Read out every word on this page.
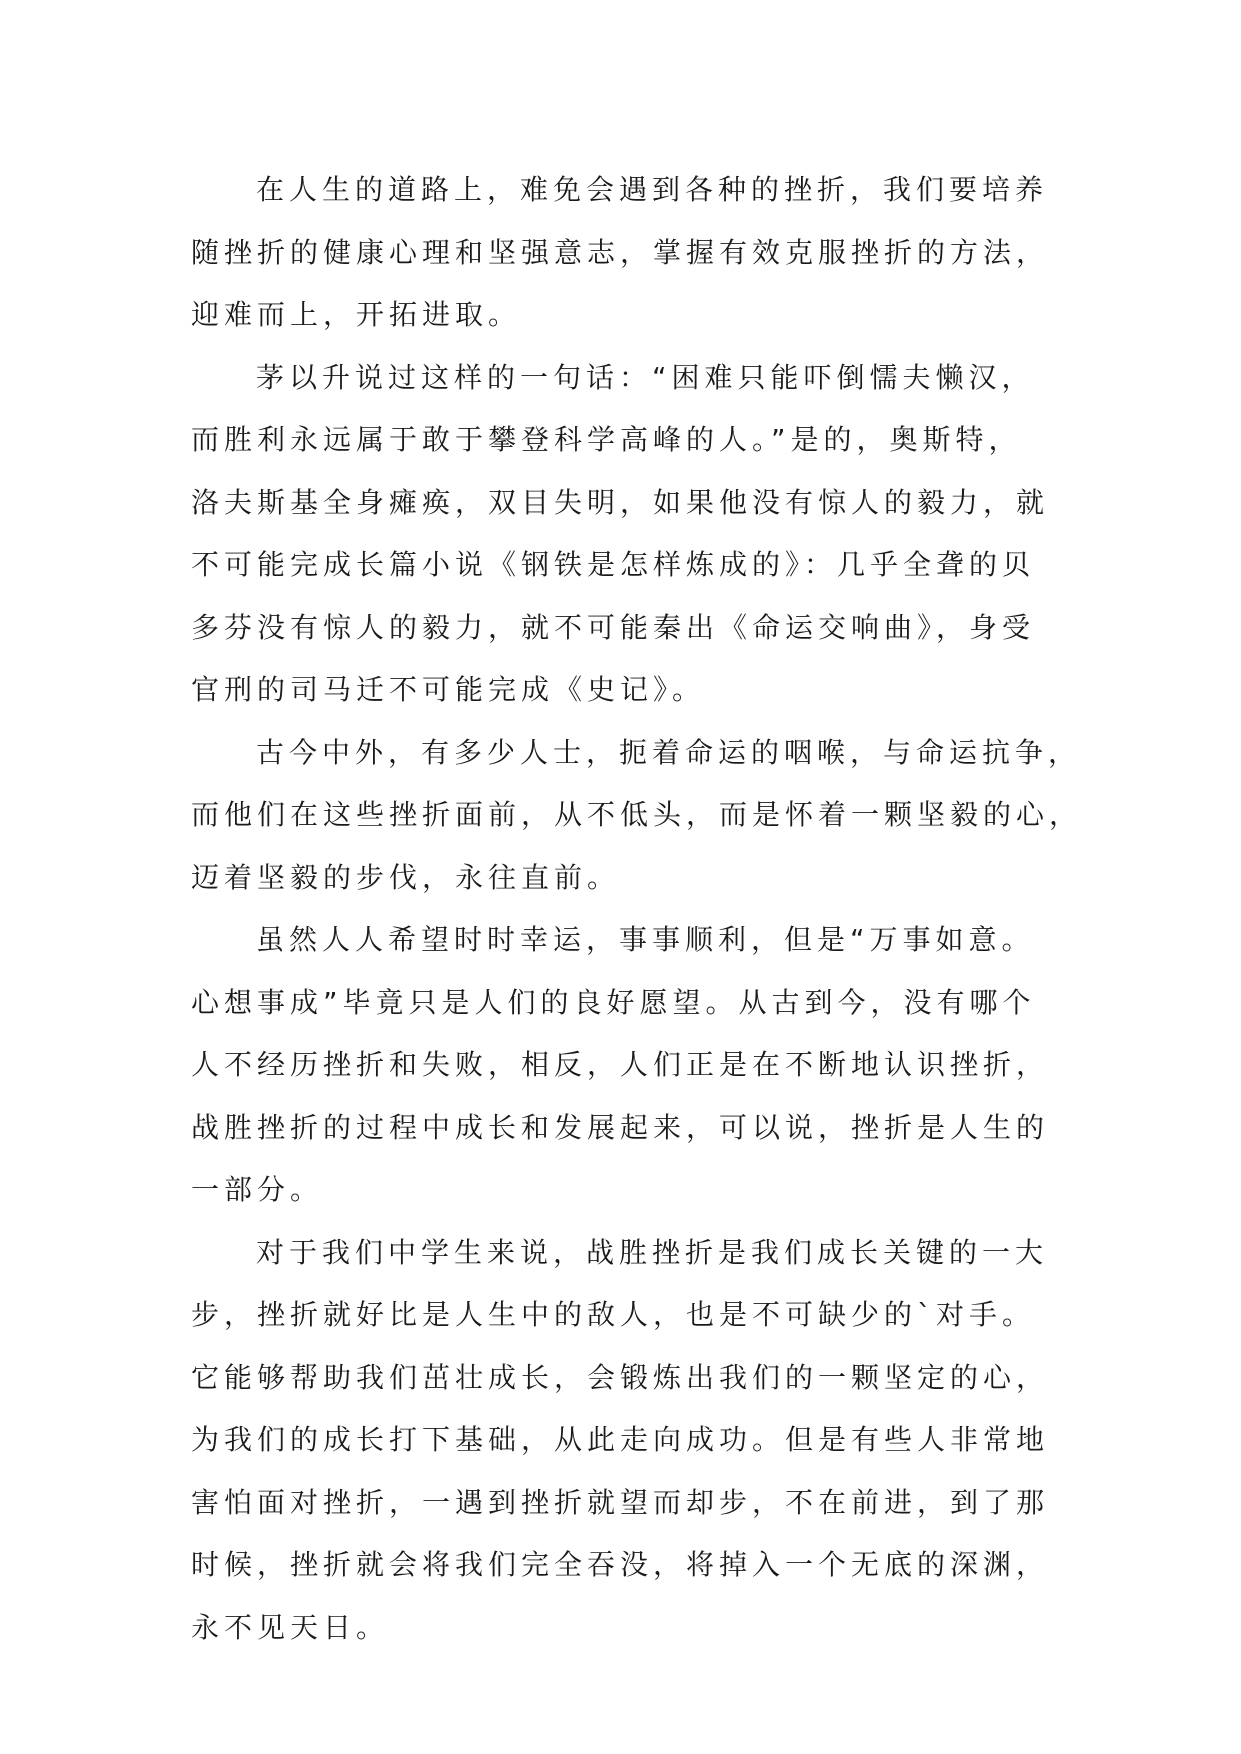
在人生的道路上，难免会遇到各种的挫折，我们要培养
随挫折的健康心理和坚强意志，掌握有效克服挫折的方法，
迎难而上，开拓进取。

茅以升说过这样的一句话：“困难只能吓倒懦夫懒汉，
而胜利永远属于敢于攀登科学高峰的人。”是的，奥斯特，
洛夫斯基全身瘫痪，双目失明，如果他没有惊人的毅力，就
不可能完成长篇小说《钢铁是怎样炼成的》：几乎全聋的贝
多芬没有惊人的毅力，就不可能秦出《命运交响曲》，身受
官刑的司马迁不可能完成《史记》。

古今中外，有多少人士，扼着命运的咽喉，与命运抗争，
而他们在这些挫折面前，从不低头，而是怀着一颗坚毅的心，
迈着坚毅的步伐，永往直前。

虽然人人希望时时幸运，事事顺利，但是“万事如意。
心想事成”毕竟只是人们的良好愿望。从古到今，没有哪个
人不经历挫折和失败，相反，人们正是在不断地认识挫折，
战胜挫折的过程中成长和发展起来，可以说，挫折是人生的
一部分。

对于我们中学生来说，战胜挫折是我们成长关键的一大
步，挫折就好比是人生中的敌人，也是不可缺少的`对手。
它能够帮助我们茁壮成长，会锻炼出我们的一颗坚定的心，
为我们的成长打下基础，从此走向成功。但是有些人非常地
害怕面对挫折，一遇到挫折就望而却步，不在前进，到了那
时候，挫折就会将我们完全吞没，将掉入一个无底的深渊，
永不见天日。
